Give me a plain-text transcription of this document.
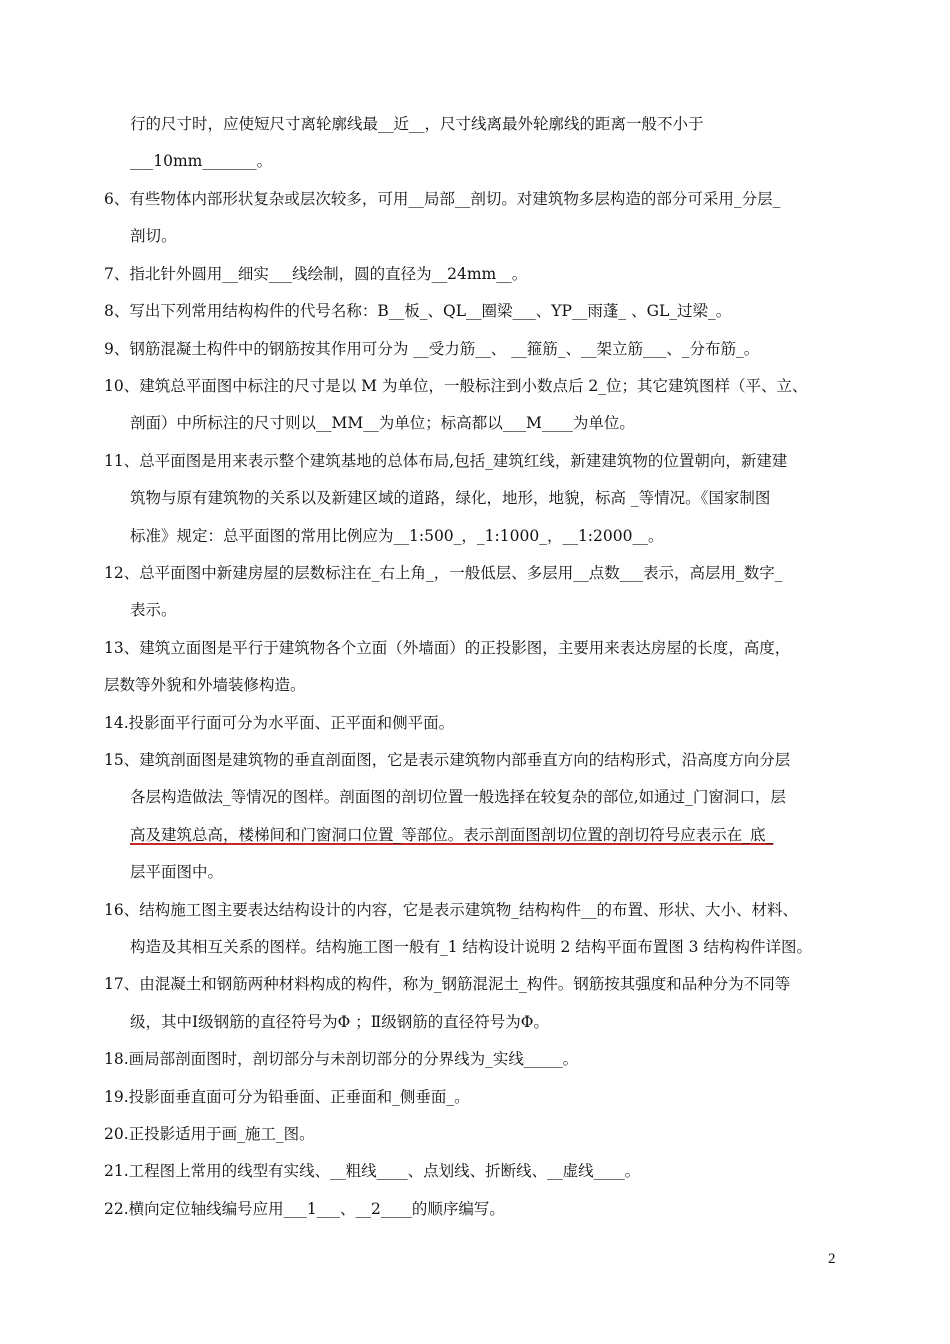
行的尺寸时，应使短尺寸离轮廓线最__近__，尺寸线离最外轮廓线的距离一般不小于
___10mm_______。
6、有些物体内部形状复杂或层次较多，可用__局部__剖切。对建筑物多层构造的部分可采用_分层_
剖切。
7、指北针外圆用__细实___线绘制，圆的直径为__24mm__。
8、写出下列常用结构构件的代号名称：B__板_、QL__圈梁___、YP__雨蓬_ 、GL_过梁_。
9、钢筋混凝土构件中的钢筋按其作用可分为 __受力筋__、 __箍筋_、__架立筋___、_分布筋_。
10、建筑总平面图中标注的尺寸是以 M 为单位，一般标注到小数点后 2_位；其它建筑图样（平、立、
剖面）中所标注的尺寸则以__MM__为单位；标高都以___M____为单位。
11、总平面图是用来表示整个建筑基地的总体布局,包括_建筑红线，新建建筑物的位置朝向，新建建
筑物与原有建筑物的关系以及新建区域的道路，绿化，地形，地貌，标高 _等情况。《国家制图
标准》规定：总平面图的常用比例应为__1:500_，_1:1000_，__1:2000__。
12、总平面图中新建房屋的层数标注在_右上角_，一般低层、多层用__点数___表示，高层用_数字_
表示。
13、建筑立面图是平行于建筑物各个立面（外墙面）的正投影图，主要用来表达房屋的长度，高度，
层数等外貌和外墙装修构造。
14.投影面平行面可分为水平面、正平面和侧平面。
15、建筑剖面图是建筑物的垂直剖面图，它是表示建筑物内部垂直方向的结构形式，沿高度方向分层
各层构造做法_等情况的图样。剖面图的剖切位置一般选择在较复杂的部位,如通过_门窗洞口，层
高及建筑总高，楼梯间和门窗洞口位置_等部位。表示剖面图剖切位置的剖切符号应表示在_底_
层平面图中。
16、结构施工图主要表达结构设计的内容，它是表示建筑物_结构构件__的布置、形状、大小、材料、
构造及其相互关系的图样。结构施工图一般有_1 结构设计说明 2 结构平面布置图 3 结构构件详图。
17、由混凝土和钢筋两种材料构成的构件，称为_钢筋混泥土_构件。钢筋按其强度和品种分为不同等
级，其中Ⅰ级钢筋的直径符号为Φ ；Ⅱ级钢筋的直径符号为Φ。
18.画局部剖面图时，剖切部分与未剖切部分的分界线为_实线_____。
19.投影面垂直面可分为铅垂面、正垂面和_侧垂面_。
20.正投影适用于画_施工_图。
21.工程图上常用的线型有实线、__粗线____、点划线、折断线、__虚线____。
22.横向定位轴线编号应用___1___、__2____的顺序编写。
2
